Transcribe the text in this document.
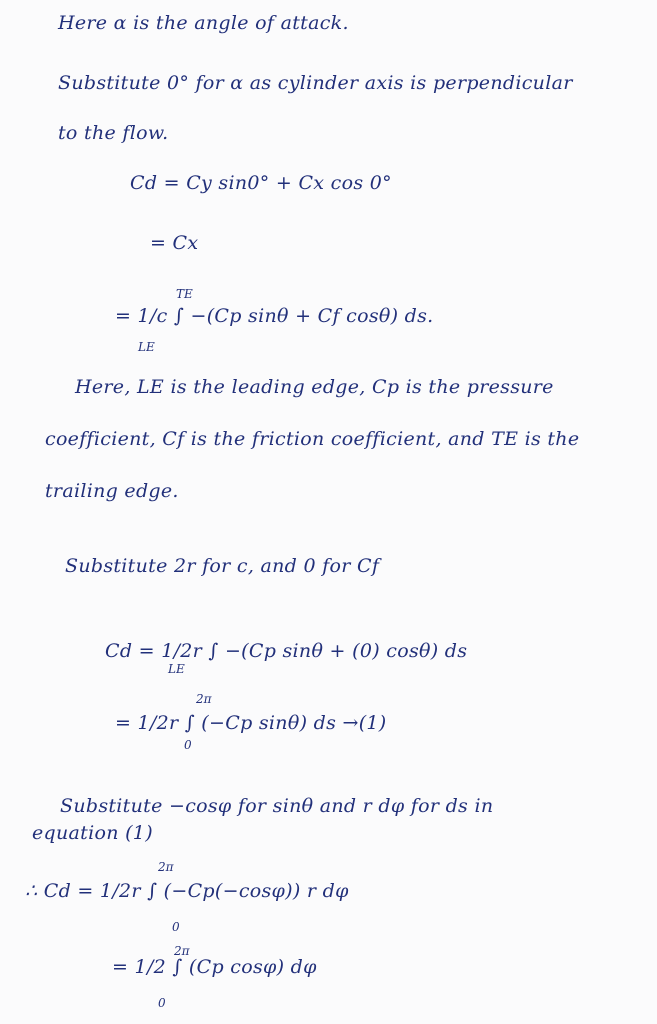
Here α is the angle of attack.
Substitute 0° for α as cylinder axis is perpendicular
to the flow.
Cd = Cy sin0° + Cx cos 0°
= Cx
= 1/c ∫ −(Cp sinθ + Cf cosθ) ds.
TE
LE
Here, LE is the leading edge, Cp is the pressure
coefficient, Cf is the friction coefficient, and TE is the
trailing edge.
Substitute 2r for c, and 0 for Cf
Cd = 1/2r ∫ −(Cp sinθ + (0) cosθ) ds
LE
= 1/2r ∫ (−Cp sinθ) ds →(1)
2π
0
Substitute −cosφ for sinθ and r dφ for ds in
equation (1)
∴ Cd = 1/2r ∫ (−Cp(−cosφ)) r dφ
2π
0
= 1/2 ∫ (Cp cosφ) dφ
2π
0
